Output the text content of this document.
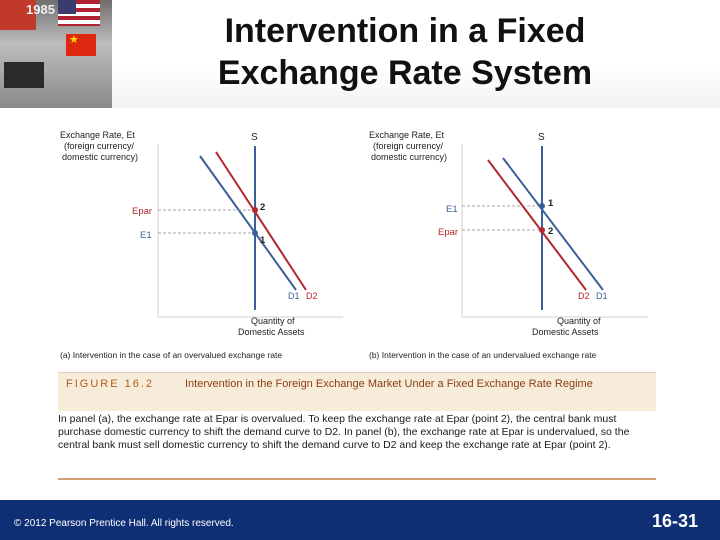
★
1985
Intervention in a Fixed
Exchange Rate System
Exchange Rate, Et
(foreign currency/
domestic currency)
S
Epar
E1
2
1
D1 D2
Quantity of
Domestic Assets
(a) Intervention in the case of an overvalued exchange rate
Exchange Rate, Et
(foreign currency/
domestic currency)
S
E1
Epar
1
2
D2 D1
Quantity of
Domestic Assets
(b) Intervention in the case of an undervalued exchange rate
FIGURE 16.2	Intervention in the Foreign Exchange Market Under a Fixed Exchange Rate Regime
In panel (a), the exchange rate at Epar is overvalued. To keep the exchange rate at Epar (point 2), the central bank must purchase domestic currency to shift the demand curve to D2. In panel (b), the exchange rate at Epar is undervalued, so the central bank must sell domestic currency to shift the demand curve to D2 and keep the exchange rate at Epar (point 2).
© 2012 Pearson Prentice Hall. All rights reserved.	16-31
